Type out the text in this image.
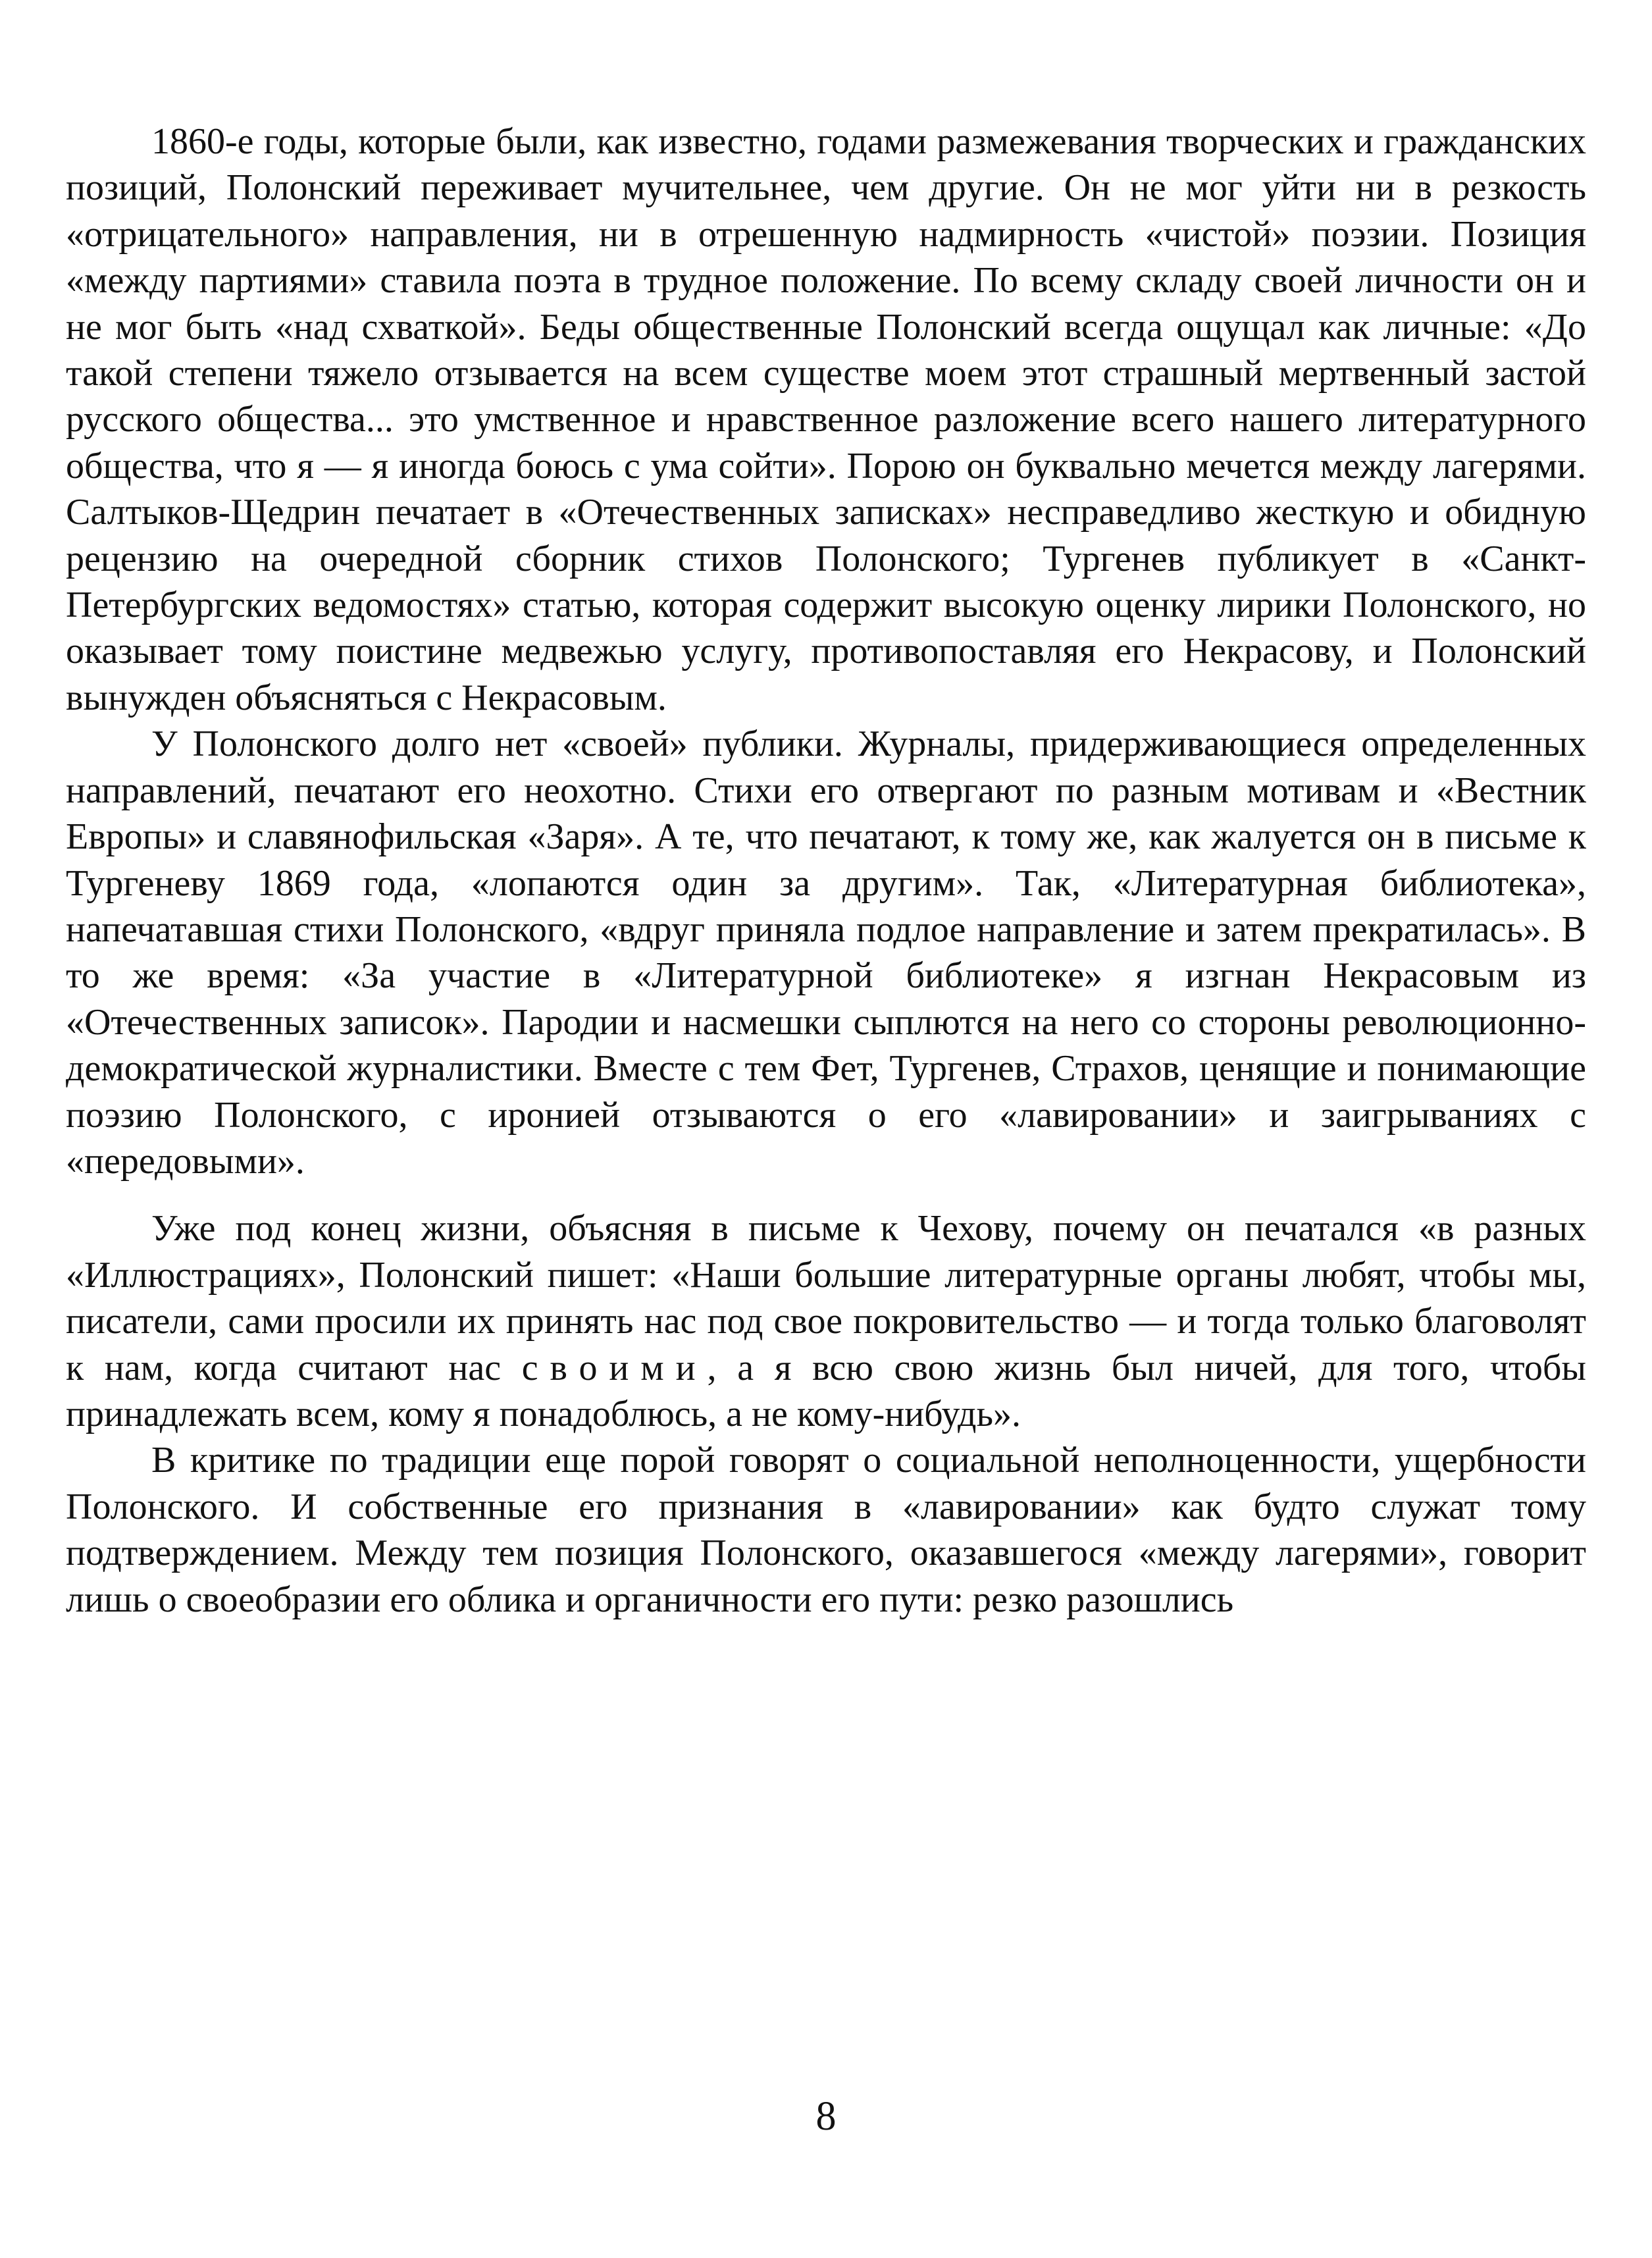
1860-е годы, которые были, как известно, годами размежевания творческих и гражданских позиций, Полонский переживает мучительнее, чем другие. Он не мог уйти ни в резкость «отрицательного» направления, ни в отрешенную надмирность «чистой» поэзии. Позиция «между партиями» ставила поэта в трудное положение. По всему складу своей личности он и не мог быть «над схваткой». Беды общественные Полонский всегда ощущал как личные: «До такой степени тяжело отзывается на всем существе моем этот страшный мертвенный застой русского общества... это умственное и нравственное разложение всего нашего литературного общества, что я — я иногда боюсь с ума сойти». Порою он буквально мечется между лагерями. Салтыков-Щедрин печатает в «Отечественных записках» несправедливо жесткую и обидную рецензию на очередной сборник стихов Полонского; Тургенев публикует в «Санкт-Петербургских ведомостях» статью, которая содержит высокую оценку лирики Полонского, но оказывает тому поистине медвежью услугу, противопоставляя его Некрасову, и Полонский вынужден объясняться с Некрасовым.

У Полонского долго нет «своей» публики. Журналы, придерживающиеся определенных направлений, печатают его неохотно. Стихи его отвергают по разным мотивам и «Вестник Европы» и славянофильская «Заря». А те, что печатают, к тому же, как жалуется он в письме к Тургеневу 1869 года, «лопаются один за другим». Так, «Литературная библиотека», напечатавшая стихи Полонского, «вдруг приняла подлое направление и затем прекратилась». В то же время: «За участие в «Литературной библиотеке» я изгнан Некрасовым из «Отечественных записок». Пародии и насмешки сыплются на него со стороны революционно-демократической журналистики. Вместе с тем Фет, Тургенев, Страхов, ценящие и понимающие поэзию Полонского, с иронией отзываются о его «лавировании» и заигрываниях с «передовыми».

Уже под конец жизни, объясняя в письме к Чехову, почему он печатался «в разных «Иллюстрациях», Полонский пишет: «Наши большие литературные органы любят, чтобы мы, писатели, сами просили их принять нас под свое покровительство — и тогда только благоволят к нам, когда считают нас своими, а я всю свою жизнь был ничей, для того, чтобы принадлежать всем, кому я понадоблюсь, а не кому-нибудь».

В критике по традиции еще порой говорят о социальной неполноценности, ущербности Полонского. И собственные его признания в «лавировании» как будто служат тому подтверждением. Между тем позиция Полонского, оказавшегося «между лагерями», говорит лишь о своеобразии его облика и органичности его пути: резко разошлись

8
